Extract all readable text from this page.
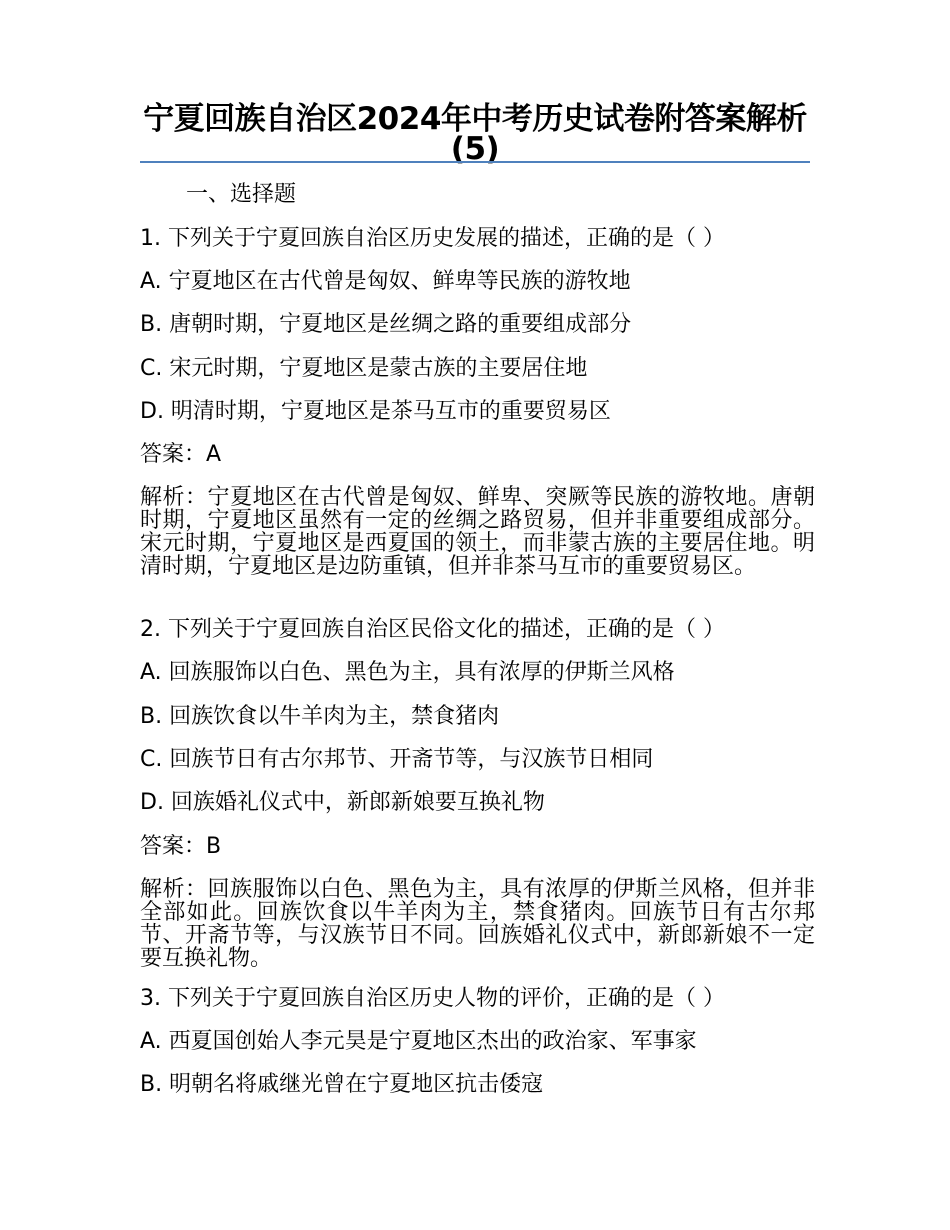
宁夏回族自治区2024年中考历史试卷附答案解析(5)
一、选择题
1. 下列关于宁夏回族自治区历史发展的描述，正确的是（ ）
A. 宁夏地区在古代曾是匈奴、鲜卑等民族的游牧地
B. 唐朝时期，宁夏地区是丝绸之路的重要组成部分
C. 宋元时期，宁夏地区是蒙古族的主要居住地
D. 明清时期，宁夏地区是茶马互市的重要贸易区
答案：A
解析：宁夏地区在古代曾是匈奴、鲜卑、突厥等民族的游牧地。唐朝时期，宁夏地区虽然有一定的丝绸之路贸易，但并非重要组成部分。宋元时期，宁夏地区是西夏国的领土，而非蒙古族的主要居住地。明清时期，宁夏地区是边防重镇，但并非茶马互市的重要贸易区。
2. 下列关于宁夏回族自治区民俗文化的描述，正确的是（ ）
A. 回族服饰以白色、黑色为主，具有浓厚的伊斯兰风格
B. 回族饮食以牛羊肉为主，禁食猪肉
C. 回族节日有古尔邦节、开斋节等，与汉族节日相同
D. 回族婚礼仪式中，新郎新娘要互换礼物
答案：B
解析：回族服饰以白色、黑色为主，具有浓厚的伊斯兰风格，但并非全部如此。回族饮食以牛羊肉为主，禁食猪肉。回族节日有古尔邦节、开斋节等，与汉族节日不同。回族婚礼仪式中，新郎新娘不一定要互换礼物。
3. 下列关于宁夏回族自治区历史人物的评价，正确的是（ ）
A. 西夏国创始人李元昊是宁夏地区杰出的政治家、军事家
B. 明朝名将戚继光曾在宁夏地区抗击倭寇
